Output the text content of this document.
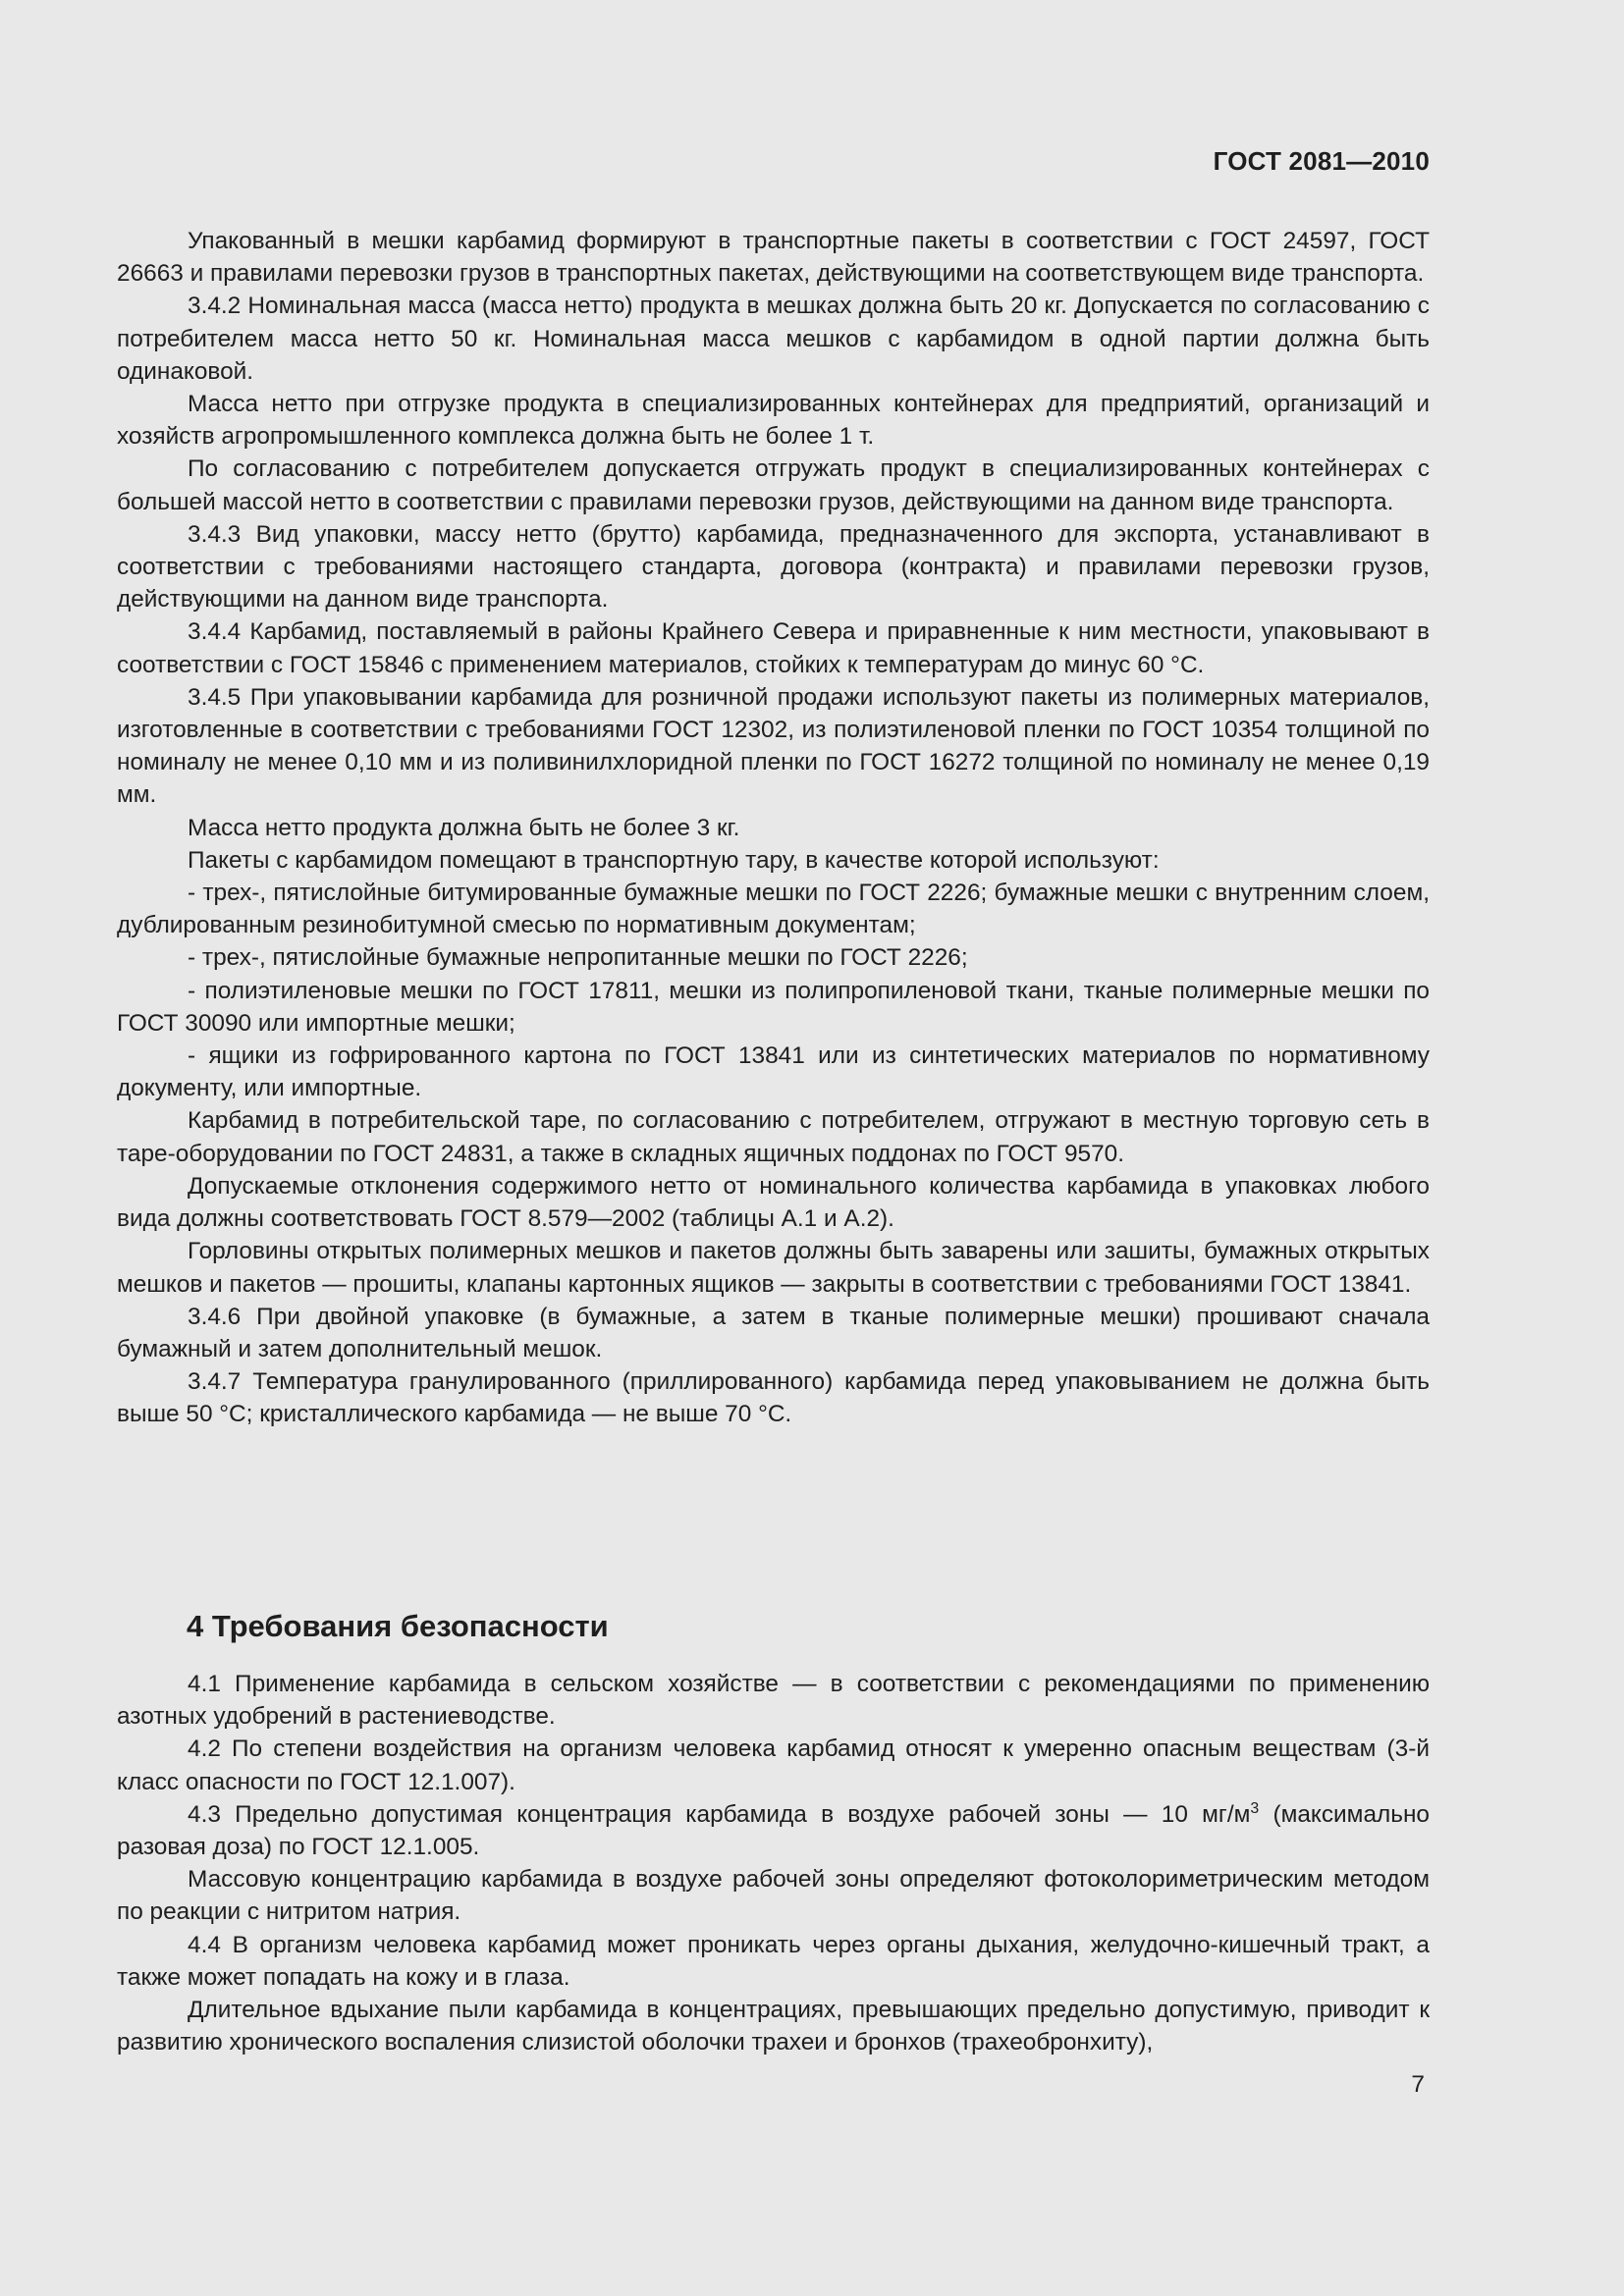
ГОСТ 2081—2010

Упакованный в мешки карбамид формируют в транспортные пакеты в соответствии с ГОСТ 24597, ГОСТ 26663 и правилами перевозки грузов в транспортных пакетах, действующими на соответствующем виде транспорта.

3.4.2 Номинальная масса (масса нетто) продукта в мешках должна быть 20 кг. Допускается по согласованию с потребителем масса нетто 50 кг. Номинальная масса мешков с карбамидом в одной партии должна быть одинаковой.

Масса нетто при отгрузке продукта в специализированных контейнерах для предприятий, организаций и хозяйств агропромышленного комплекса должна быть не более 1 т.

По согласованию с потребителем допускается отгружать продукт в специализированных контейнерах с большей массой нетто в соответствии с правилами перевозки грузов, действующими на данном виде транспорта.

3.4.3 Вид упаковки, массу нетто (брутто) карбамида, предназначенного для экспорта, устанавливают в соответствии с требованиями настоящего стандарта, договора (контракта) и правилами перевозки грузов, действующими на данном виде транспорта.

3.4.4 Карбамид, поставляемый в районы Крайнего Севера и приравненные к ним местности, упаковывают в соответствии с ГОСТ 15846 с применением материалов, стойких к температурам до минус 60 °С.

3.4.5 При упаковывании карбамида для розничной продажи используют пакеты из полимерных материалов, изготовленные в соответствии с требованиями ГОСТ 12302, из полиэтиленовой пленки по ГОСТ 10354 толщиной по номиналу не менее 0,10 мм и из поливинилхлоридной пленки по ГОСТ 16272 толщиной по номиналу не менее 0,19 мм.

Масса нетто продукта должна быть не более 3 кг.

Пакеты с карбамидом помещают в транспортную тару, в качестве которой используют:

- трех-, пятислойные битумированные бумажные мешки по ГОСТ 2226; бумажные мешки с внутренним слоем, дублированным резинобитумной смесью по нормативным документам;

- трех-, пятислойные бумажные непропитанные мешки по ГОСТ 2226;

- полиэтиленовые мешки по ГОСТ 17811, мешки из полипропиленовой ткани, тканые полимерные мешки по ГОСТ 30090 или импортные мешки;

- ящики из гофрированного картона по ГОСТ 13841 или из синтетических материалов по нормативному документу, или импортные.

Карбамид в потребительской таре, по согласованию с потребителем, отгружают в местную торговую сеть в таре-оборудовании по ГОСТ 24831, а также в складных ящичных поддонах по ГОСТ 9570.

Допускаемые отклонения содержимого нетто от номинального количества карбамида в упаковках любого вида должны соответствовать ГОСТ 8.579—2002 (таблицы А.1 и А.2).

Горловины открытых полимерных мешков и пакетов должны быть заварены или зашиты, бумажных открытых мешков и пакетов — прошиты, клапаны картонных ящиков — закрыты в соответствии с требованиями ГОСТ 13841.

3.4.6 При двойной упаковке (в бумажные, а затем в тканые полимерные мешки) прошивают сначала бумажный и затем дополнительный мешок.

3.4.7 Температура гранулированного (приллированного) карбамида перед упаковыванием не должна быть выше 50 °С; кристаллического карбамида — не выше 70 °С.

4 Требования безопасности

4.1 Применение карбамида в сельском хозяйстве — в соответствии с рекомендациями по применению азотных удобрений в растениеводстве.

4.2 По степени воздействия на организм человека карбамид относят к умеренно опасным веществам (3-й класс опасности по ГОСТ 12.1.007).

4.3 Предельно допустимая концентрация карбамида в воздухе рабочей зоны — 10 $мг/м^3$ (максимально разовая доза) по ГОСТ 12.1.005.

Массовую концентрацию карбамида в воздухе рабочей зоны определяют фотоколориметрическим методом по реакции с нитритом натрия.

4.4 В организм человека карбамид может проникать через органы дыхания, желудочно-кишечный тракт, а также может попадать на кожу и в глаза.

Длительное вдыхание пыли карбамида в концентрациях, превышающих предельно допустимую, приводит к развитию хронического воспаления слизистой оболочки трахеи и бронхов (трахеобронхиту),

7
